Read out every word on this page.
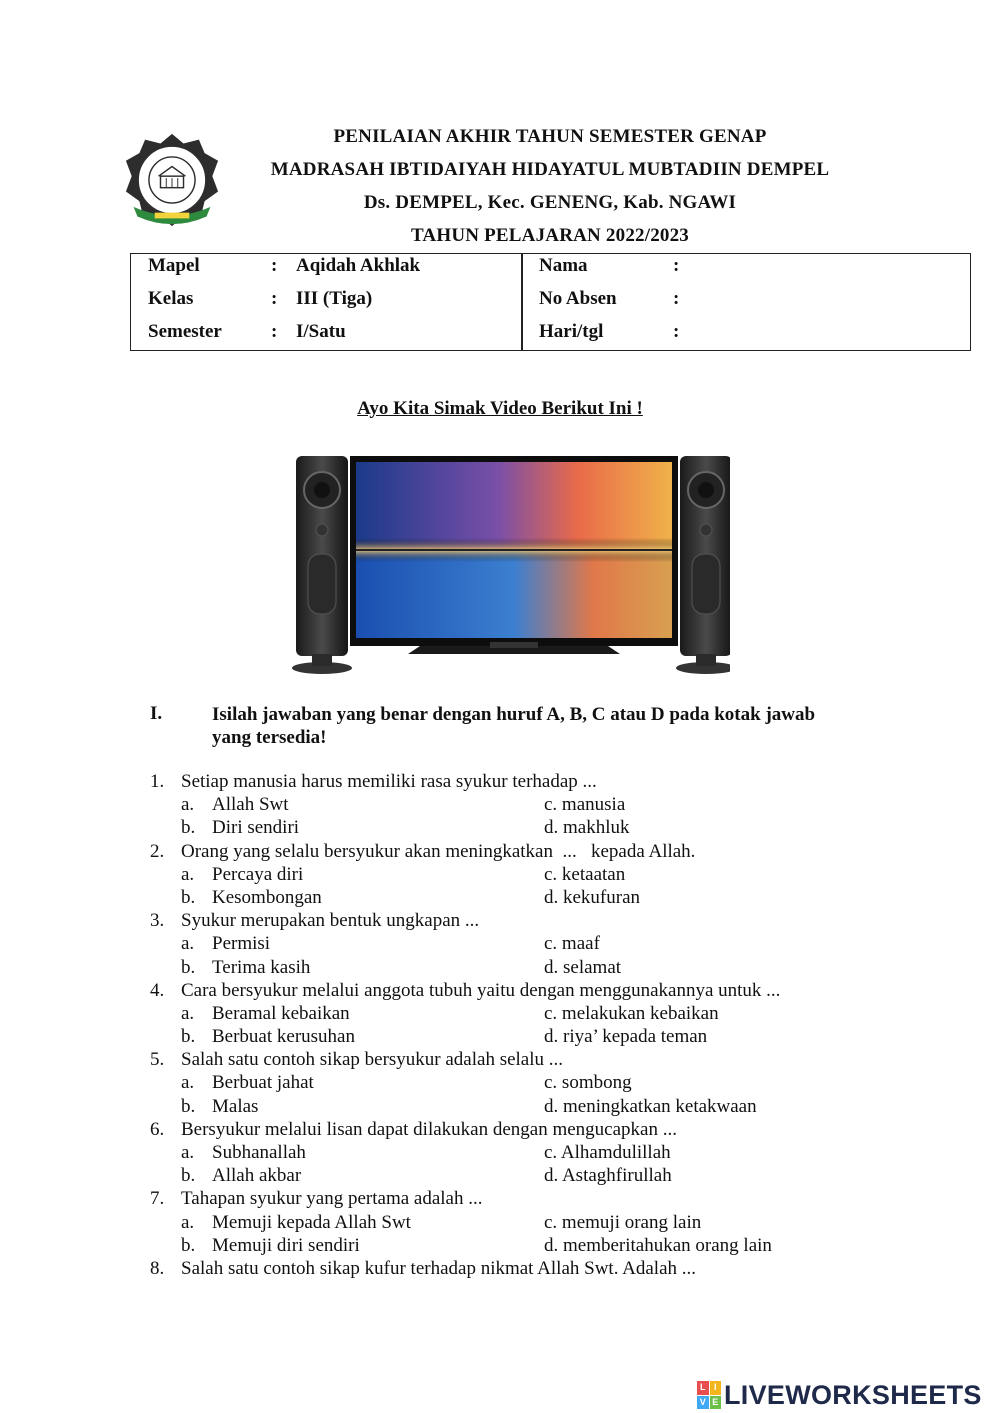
PENILAIAN AKHIR TAHUN SEMESTER GENAP
MADRASAH IBTIDAIYAH HIDAYATUL MUBTADIIN DEMPEL
Ds. DEMPEL, Kec. GENENG, Kab. NGAWI
TAHUN PELAJARAN 2022/2023
Mapel	: Aqidah Akhlak
Kelas	: III (Tiga)
Semester	: I/Satu
Nama	:
No Absen	:
Hari/tgl	:
Ayo Kita Simak Video Berikut Ini !
I.	Isilah jawaban yang benar dengan huruf A, B, C atau D pada kotak jawab
yang tersedia!
1. Setiap manusia harus memiliki rasa syukur terhadap ...
a. Allah Swt	c. manusia
b. Diri sendiri	d. makhluk
2. Orang yang selalu bersyukur akan meningkatkan  ...   kepada Allah.
a. Percaya diri	c. ketaatan
b. Kesombongan	d. kekufuran
3. Syukur merupakan bentuk ungkapan ...
a. Permisi	c. maaf
b. Terima kasih	d. selamat
4. Cara bersyukur melalui anggota tubuh yaitu dengan menggunakannya untuk ...
a. Beramal kebaikan	c. melakukan kebaikan
b. Berbuat kerusuhan	d. riya’ kepada teman
5. Salah satu contoh sikap bersyukur adalah selalu ...
a. Berbuat jahat	c. sombong
b. Malas	d. meningkatkan ketakwaan
6. Bersyukur melalui lisan dapat dilakukan dengan mengucapkan ...
a. Subhanallah	c. Alhamdulillah
b. Allah akbar	d. Astaghfirullah
7. Tahapan syukur yang pertama adalah ...
a. Memuji kepada Allah Swt	c. memuji orang lain
b. Memuji diri sendiri	d. memberitahukan orang lain
8. Salah satu contoh sikap kufur terhadap nikmat Allah Swt. Adalah ...
L I
V E LIVEWORKSHEETS
